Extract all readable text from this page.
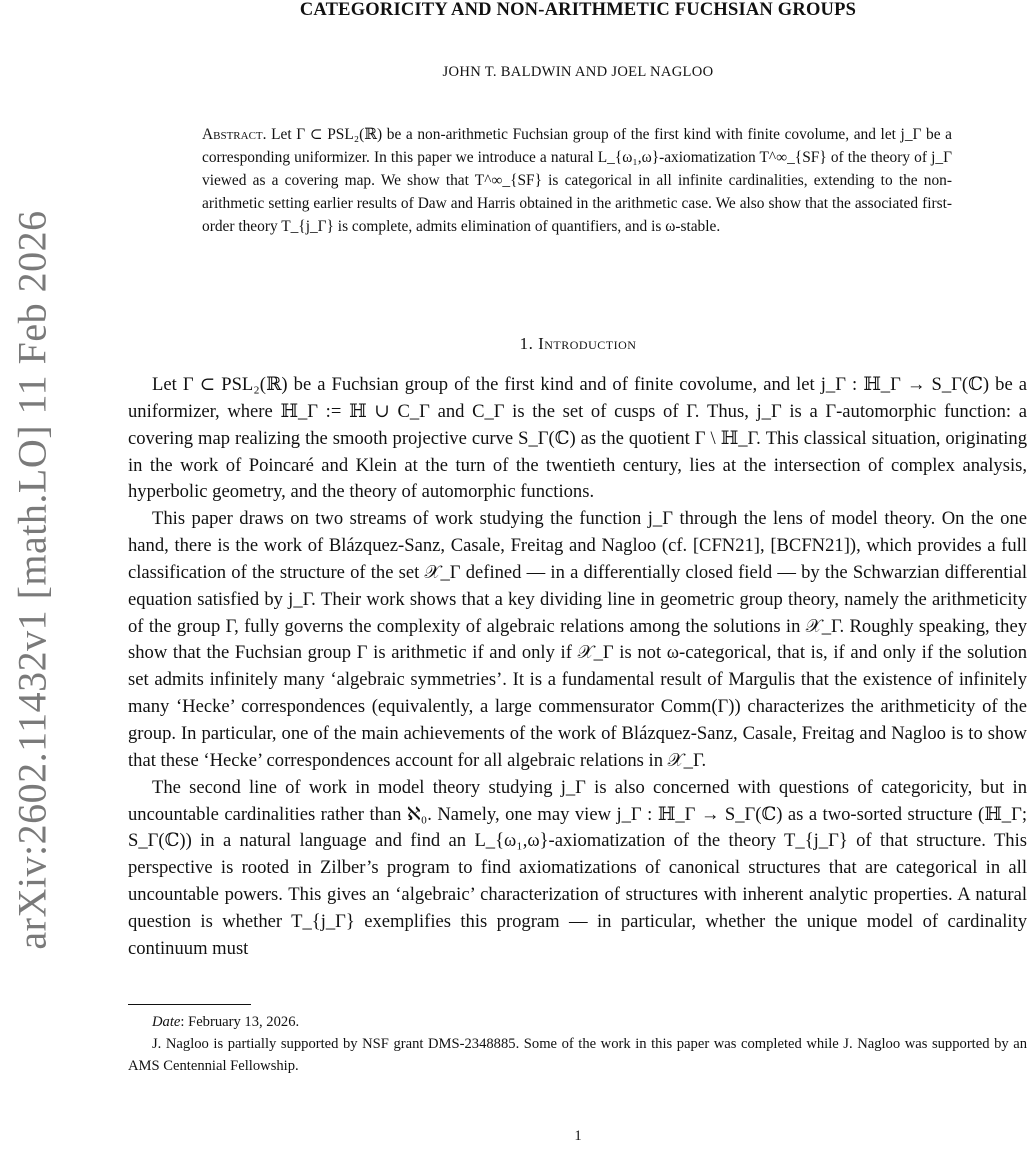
arXiv:2602.11432v1 [math.LO] 11 Feb 2026
CATEGORICITY AND NON-ARITHMETIC FUCHSIAN GROUPS
JOHN T. BALDWIN AND JOEL NAGLOO
Abstract. Let Γ ⊂ PSL₂(ℝ) be a non-arithmetic Fuchsian group of the first kind with finite covolume, and let j_Γ be a corresponding uniformizer. In this paper we introduce a natural L_{ω₁,ω}-axiomatization T^∞_{SF} of the theory of j_Γ viewed as a covering map. We show that T^∞_{SF} is categorical in all infinite cardinalities, extending to the non-arithmetic setting earlier results of Daw and Harris obtained in the arithmetic case. We also show that the associated first-order theory T_{j_Γ} is complete, admits elimination of quantifiers, and is ω-stable.
1. Introduction

Let Γ ⊂ PSL₂(ℝ) be a Fuchsian group of the first kind and of finite covolume, and let j_Γ : ℍ_Γ → S_Γ(ℂ) be a uniformizer, where ℍ_Γ := ℍ ∪ C_Γ and C_Γ is the set of cusps of Γ. Thus, j_Γ is a Γ-automorphic function: a covering map realizing the smooth projective curve S_Γ(ℂ) as the quotient Γ \ ℍ_Γ. This classical situation, originating in the work of Poincaré and Klein at the turn of the twentieth century, lies at the intersection of complex analysis, hyperbolic geometry, and the theory of automorphic functions.

This paper draws on two streams of work studying the function j_Γ through the lens of model theory. On the one hand, there is the work of Blázquez-Sanz, Casale, Freitag and Nagloo (cf. [CFN21], [BCFN21]), which provides a full classification of the structure of the set 𝒳_Γ defined — in a differentially closed field — by the Schwarzian differential equation satisfied by j_Γ. Their work shows that a key dividing line in geometric group theory, namely the arithmeticity of the group Γ, fully governs the complexity of algebraic relations among the solutions in 𝒳_Γ. Roughly speaking, they show that the Fuchsian group Γ is arithmetic if and only if 𝒳_Γ is not ω-categorical, that is, if and only if the solution set admits infinitely many ‘algebraic symmetries’. It is a fundamental result of Margulis that the existence of infinitely many ‘Hecke’ correspondences (equivalently, a large commensurator Comm(Γ)) characterizes the arithmeticity of the group. In particular, one of the main achievements of the work of Blázquez-Sanz, Casale, Freitag and Nagloo is to show that these ‘Hecke’ correspondences account for all algebraic relations in 𝒳_Γ.

The second line of work in model theory studying j_Γ is also concerned with questions of categoricity, but in uncountable cardinalities rather than ℵ₀. Namely, one may view j_Γ : ℍ_Γ → S_Γ(ℂ) as a two-sorted structure (ℍ_Γ; S_Γ(ℂ)) in a natural language and find an L_{ω₁,ω}-axiomatization of the theory T_{j_Γ} of that structure. This perspective is rooted in Zilber’s program to find axiomatizations of canonical structures that are categorical in all uncountable powers. This gives an ‘algebraic’ characterization of structures with inherent analytic properties. A natural question is whether T_{j_Γ} exemplifies this program — in particular, whether the unique model of cardinality continuum must

Date: February 13, 2026.

J. Nagloo is partially supported by NSF grant DMS-2348885. Some of the work in this paper was completed while J. Nagloo was supported by an AMS Centennial Fellowship.

1
